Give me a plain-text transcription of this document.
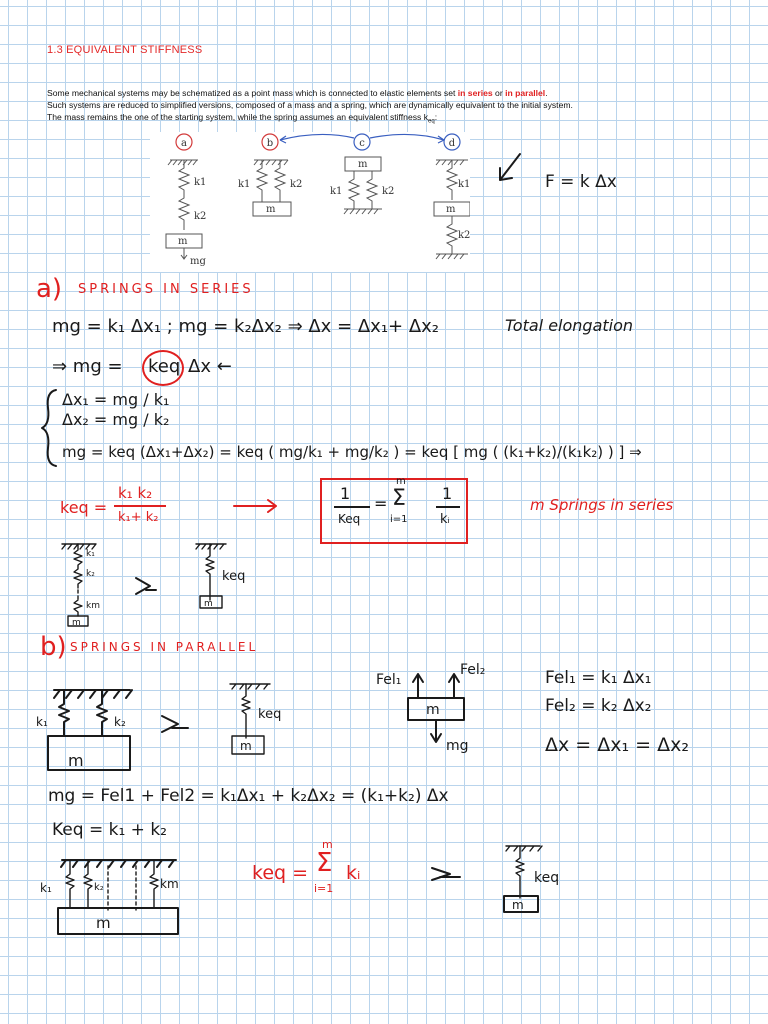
1.3 EQUIVALENT STIFFNESS
Some mechanical systems may be schematized as a point mass which is connected to elastic elements set in series or in parallel.
Such systems are reduced to simplified versions, composed of a mass and a spring, which are dynamically equivalent to the initial system.
The mass remains the one of the starting system, while the spring assumes an equivalent stiffness $k_{eq}$:
a	b	c	d
k1
k2
m
mg
k1	k2
m
m
k1	k2
k1
m
k2
F = k Δx
a) SPRINGS IN SERIES
mg = k₁ Δx₁ ; mg = k₂Δx₂ ⇒ Δx = Δx₁+ Δx₂	Total elongation
⇒ mg = keq Δx ←
Δx₁ = mg / k₁
Δx₂ = mg / k₂
mg = keq (Δx₁+Δx₂) = keq ( mg/k₁ + mg/k₂ ) = keq [ mg ( (k₁+k₂)/(k₁k₂) ) ] ⇒
keq =
k₁ k₂
k₁+ k₂
1
Keq
=
m
Σ
i=1
1
kᵢ
m Springs in series
m
k₁
k₂
km	m
keq
b) SPRINGS IN PARALLEL
m
k₁	k₂
m
keq	m
Fel₁
Fel₂
mg
Fel₁ = k₁ Δx₁
Fel₂ = k₂ Δx₂
Δx = Δx₁ = Δx₂
mg = Fel1 + Fel2 = k₁Δx₁ + k₂Δx₂ = (k₁+k₂) Δx
Keq = k₁ + k₂
m
k₁	k₂	km	keq =
m
Σ
i=1
kᵢ
m
keq
